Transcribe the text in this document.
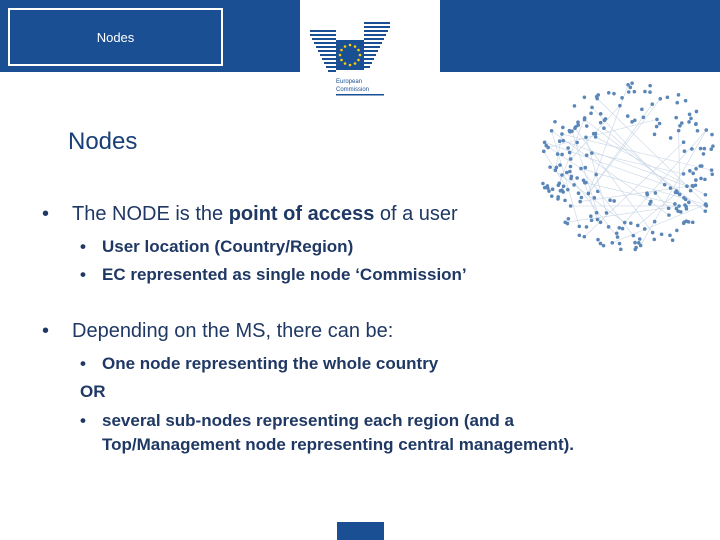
Nodes
European
Commission
Nodes
• The NODE is the point of access of a user
• User location (Country/Region)
• EC represented as single node ‘Commission’
• Depending on the MS, there can be:
• One node representing the whole country
OR
• several sub-nodes representing each region (and a
Top/Management node representing central management).
